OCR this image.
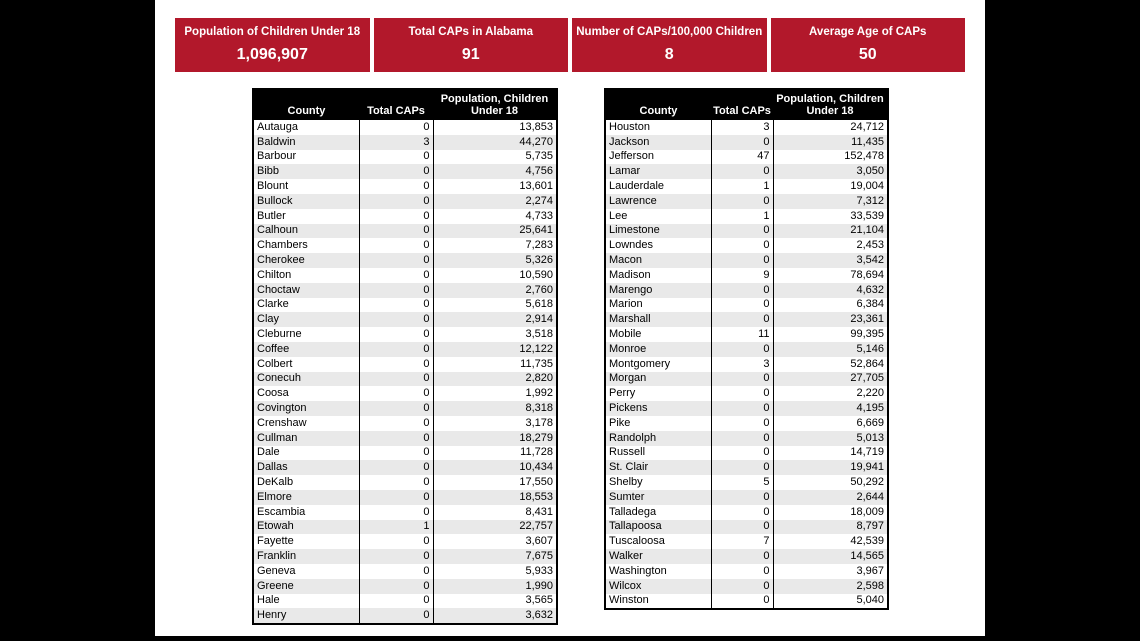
Population of Children Under 18
1,096,907
Total CAPs in Alabama
91
Number of CAPs/100,000 Children
8
Average Age of CAPs
50
County	Total CAPs	Population, Children Under 18
Autauga	0	13,853
Baldwin	3	44,270
Barbour	0	5,735
Bibb	0	4,756
Blount	0	13,601
Bullock	0	2,274
Butler	0	4,733
Calhoun	0	25,641
Chambers	0	7,283
Cherokee	0	5,326
Chilton	0	10,590
Choctaw	0	2,760
Clarke	0	5,618
Clay	0	2,914
Cleburne	0	3,518
Coffee	0	12,122
Colbert	0	11,735
Conecuh	0	2,820
Coosa	0	1,992
Covington	0	8,318
Crenshaw	0	3,178
Cullman	0	18,279
Dale	0	11,728
Dallas	0	10,434
DeKalb	0	17,550
Elmore	0	18,553
Escambia	0	8,431
Etowah	1	22,757
Fayette	0	3,607
Franklin	0	7,675
Geneva	0	5,933
Greene	0	1,990
Hale	0	3,565
Henry	0	3,632
County	Total CAPs	Population, Children Under 18
Houston	3	24,712
Jackson	0	11,435
Jefferson	47	152,478
Lamar	0	3,050
Lauderdale	1	19,004
Lawrence	0	7,312
Lee	1	33,539
Limestone	0	21,104
Lowndes	0	2,453
Macon	0	3,542
Madison	9	78,694
Marengo	0	4,632
Marion	0	6,384
Marshall	0	23,361
Mobile	11	99,395
Monroe	0	5,146
Montgomery	3	52,864
Morgan	0	27,705
Perry	0	2,220
Pickens	0	4,195
Pike	0	6,669
Randolph	0	5,013
Russell	0	14,719
St. Clair	0	19,941
Shelby	5	50,292
Sumter	0	2,644
Talladega	0	18,009
Tallapoosa	0	8,797
Tuscaloosa	7	42,539
Walker	0	14,565
Washington	0	3,967
Wilcox	0	2,598
Winston	0	5,040
